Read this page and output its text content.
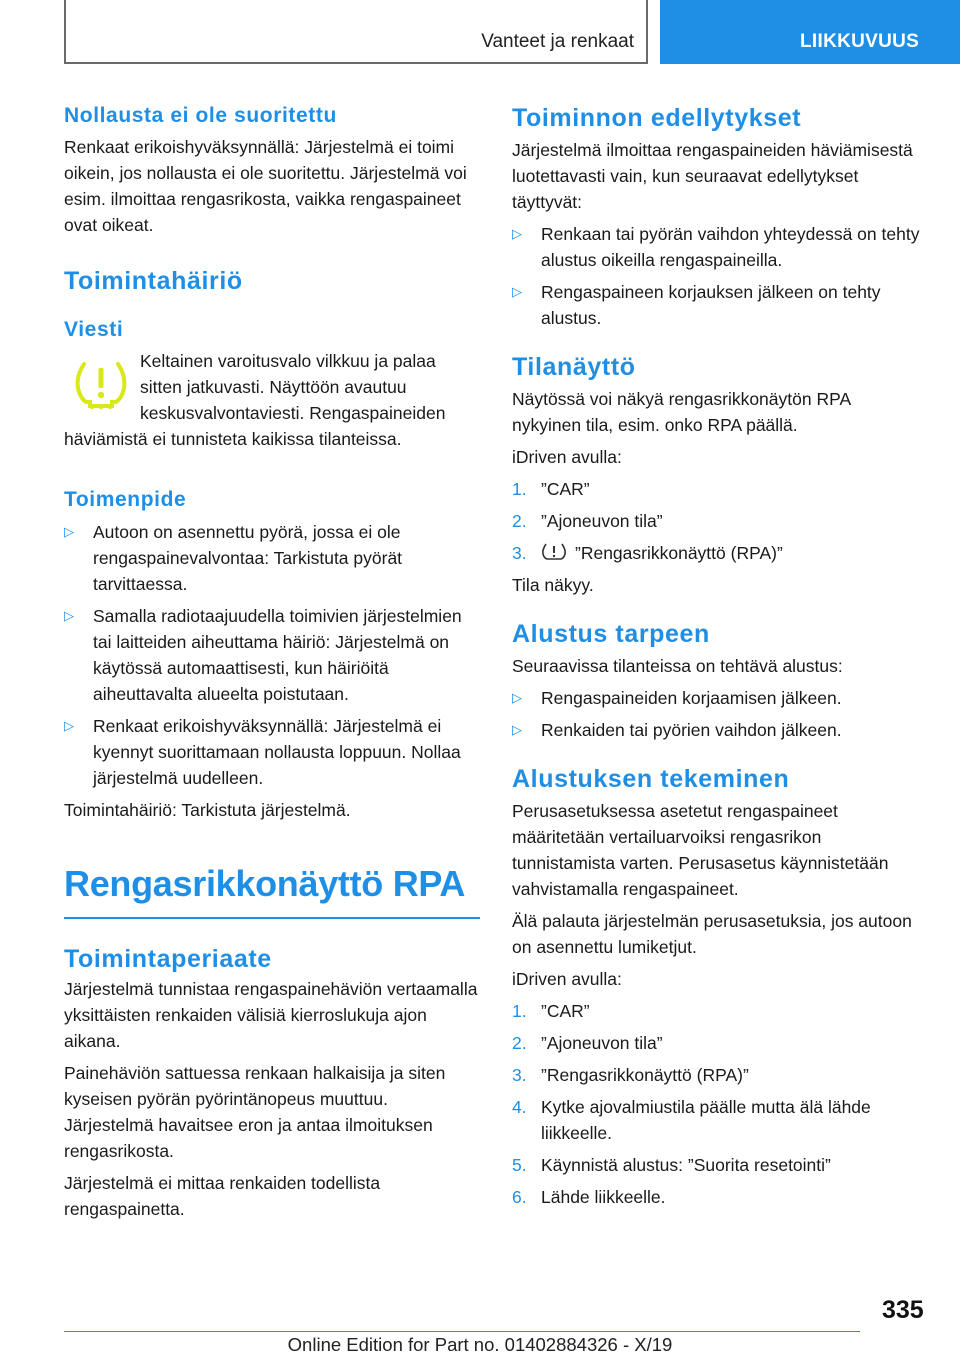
Vanteet ja renkaat	LIIKKUVUUS
Nollausta ei ole suoritettu

Renkaat erikoishyväksynnällä: Järjestelmä ei toimi oikein, jos nollausta ei ole suoritettu. Järjestelmä voi esim. ilmoittaa rengasrikosta, vaikka rengaspaineet ovat oikeat.

Toimintahäiriö
Viesti

Keltainen varoitusvalo vilkkuu ja palaa sitten jatkuvasti. Näyttöön avautuu keskusvalvontaviesti. Rengaspaineiden häviämistä ei tunnisteta kaikissa tilanteissa.

Toimenpide
▷ Autoon on asennettu pyörä, jossa ei ole rengaspainevalvontaa: Tarkistuta pyörät tarvittaessa.
▷ Samalla radiotaajuudella toimivien järjestelmien tai laitteiden aiheuttama häiriö: Järjestelmä on käytössä automaattisesti, kun häiriöitä aiheuttavalta alueelta poistutaan.
▷ Renkaat erikoishyväksynnällä: Järjestelmä ei kyennyt suorittamaan nollausta loppuun. Nollaa järjestelmä uudelleen.

Toimintahäiriö: Tarkistuta järjestelmä.

Rengasrikkonäyttö RPA
Toimintaperiaate

Järjestelmä tunnistaa rengaspainehäviön vertaamalla yksittäisten renkaiden välisiä kierroslukuja ajon aikana.

Painehäviön sattuessa renkaan halkaisija ja siten kyseisen pyörän pyörintänopeus muuttuu. Järjestelmä havaitsee eron ja antaa ilmoituksen rengasrikosta.

Järjestelmä ei mittaa renkaiden todellista rengaspainetta.

Toiminnon edellytykset

Järjestelmä ilmoittaa rengaspaineiden häviämisestä luotettavasti vain, kun seuraavat edellytykset täyttyvät:

▷ Renkaan tai pyörän vaihdon yhteydessä on tehty alustus oikeilla rengaspaineilla.
▷ Rengaspaineen korjauksen jälkeen on tehty alustus.
Tilanäyttö

Näytössä voi näkyä rengasrikkonäytön RPA nykyinen tila, esim. onko RPA päällä.

iDriven avulla:

1. ”CAR”
2. ”Ajoneuvon tila”
3.	”Rengasrikkonäyttö (RPA)”

Tila näkyy.

Alustus tarpeen

Seuraavissa tilanteissa on tehtävä alustus:

▷ Rengaspaineiden korjaamisen jälkeen.
▷ Renkaiden tai pyörien vaihdon jälkeen.
Alustuksen tekeminen

Perusasetuksessa asetetut rengaspaineet määritetään vertailuarvoiksi rengasrikon tunnistamista varten. Perusasetus käynnistetään vahvistamalla rengaspaineet.

Älä palauta järjestelmän perusasetuksia, jos autoon on asennettu lumiketjut.

iDriven avulla:

1. ”CAR”
2. ”Ajoneuvon tila”
3. ”Rengasrikkonäyttö (RPA)”
4. Kytke ajovalmiustila päälle mutta älä lähde liikkeelle.
5. Käynnistä alustus: ”Suorita resetointi”
6. Lähde liikkeelle.
335
Online Edition for Part no. 01402884326 - X/19
